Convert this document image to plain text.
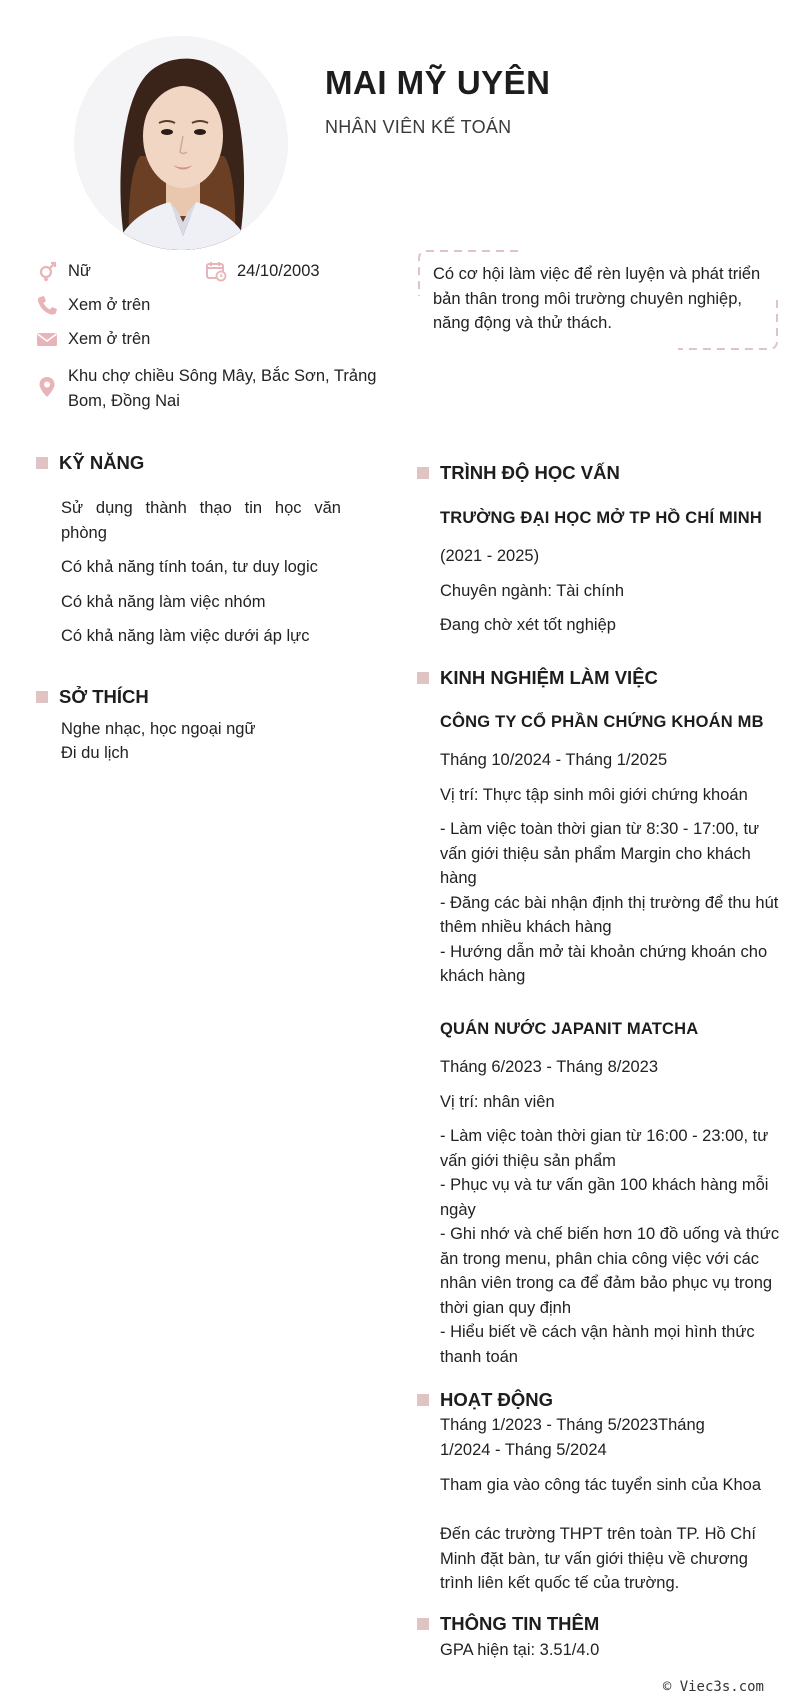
MAI MỸ UYÊN
NHÂN VIÊN KẾ TOÁN
Nữ	24/10/2003
Xem ở trên
Xem ở trên
Khu chợ chiều Sông Mây, Bắc Sơn, Trảng Bom, Đồng Nai
Có cơ hội làm việc để rèn luyện và phát triển bản thân trong môi trường chuyên nghiệp, năng động và thử thách.
KỸ NĂNG
Sử dụng thành thạo tin học văn phòng
Có khả năng tính toán, tư duy logic
Có khả năng làm việc nhóm
Có khả năng làm việc dưới áp lực
SỞ THÍCH
Nghe nhạc, học ngoại ngữ
Đi du lịch
TRÌNH ĐỘ HỌC VẤN
TRƯỜNG ĐẠI HỌC MỞ TP HỒ CHÍ MINH
(2021 - 2025)
Chuyên ngành: Tài chính
Đang chờ xét tốt nghiệp
KINH NGHIỆM LÀM VIỆC
CÔNG TY CỔ PHẦN CHỨNG KHOÁN MB
Tháng 10/2024 - Tháng 1/2025
Vị trí: Thực tập sinh môi giới chứng khoán
- Làm việc toàn thời gian từ 8:30 - 17:00, tư vấn giới thiệu sản phẩm Margin cho khách hàng
- Đăng các bài nhận định thị trường để thu hút thêm nhiều khách hàng
- Hướng dẫn mở tài khoản chứng khoán cho khách hàng
QUÁN NƯỚC JAPANIT MATCHA
Tháng 6/2023 - Tháng 8/2023
Vị trí: nhân viên
- Làm việc toàn thời gian từ 16:00 - 23:00, tư vấn giới thiệu sản phẩm
- Phục vụ và tư vấn gần 100 khách hàng mỗi ngày
- Ghi nhớ và chế biến hơn 10 đồ uống và thức ăn trong menu, phân chia công việc với các nhân viên trong ca để đảm bảo phục vụ trong thời gian quy định
- Hiểu biết về cách vận hành mọi hình thức thanh toán
HOẠT ĐỘNG
Tháng 1/2023 - Tháng 5/2023Tháng 1/2024 - Tháng 5/2024
Tham gia vào công tác tuyển sinh của Khoa
Đến các trường THPT trên toàn TP. Hồ Chí Minh đặt bàn, tư vấn giới thiệu về chương trình liên kết quốc tế của trường.
THÔNG TIN THÊM
GPA hiện tại: 3.51/4.0
© Viec3s.com
